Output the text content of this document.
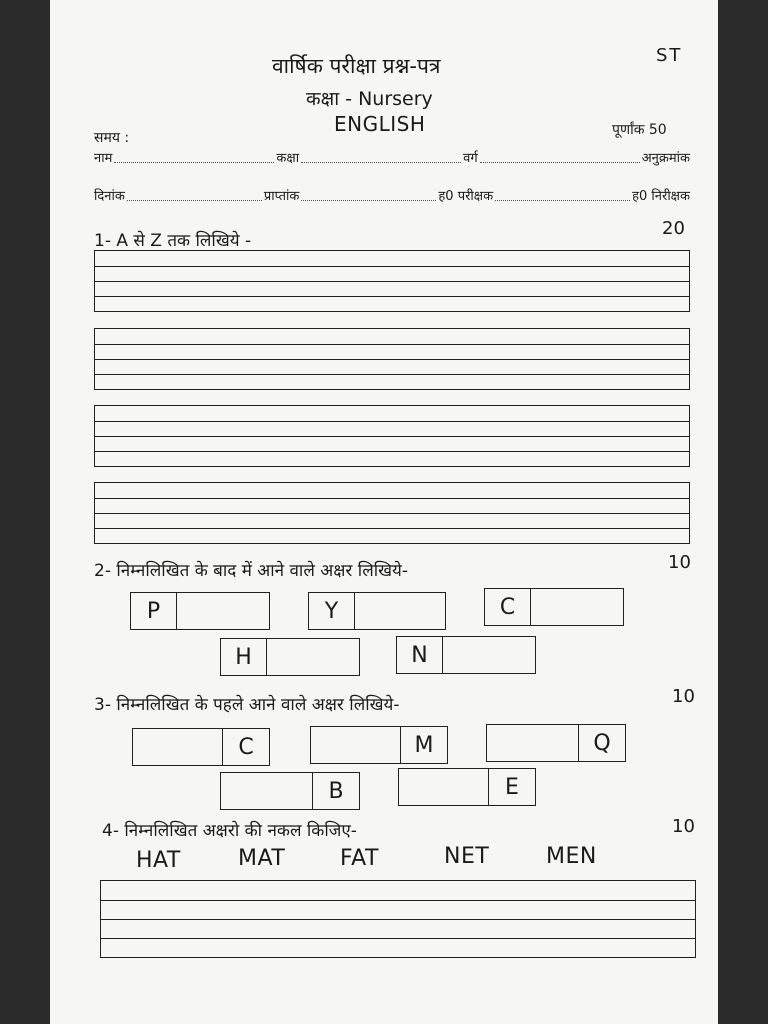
वार्षिक परीक्षा प्रश्न-पत्र	ST
कक्षा - Nursery
ENGLISH
समय :	पूर्णांक 50
नाम	कक्षा	वर्ग	अनुक्रमांक
दिनांक	प्राप्तांक	ह0 परीक्षक	ह0 निरीक्षक
1- A से Z तक लिखिये -
20
2- निम्नलिखित के बाद में आने वाले अक्षर लिखिये-	10
P	Y	C
H	N
3- निम्नलिखित के पहले आने वाले अक्षर लिखिये-	10
C	M	Q
B	E
4- निम्नलिखित अक्षरो की नकल किजिए-	10
HAT	MAT FAT	NET	MEN
